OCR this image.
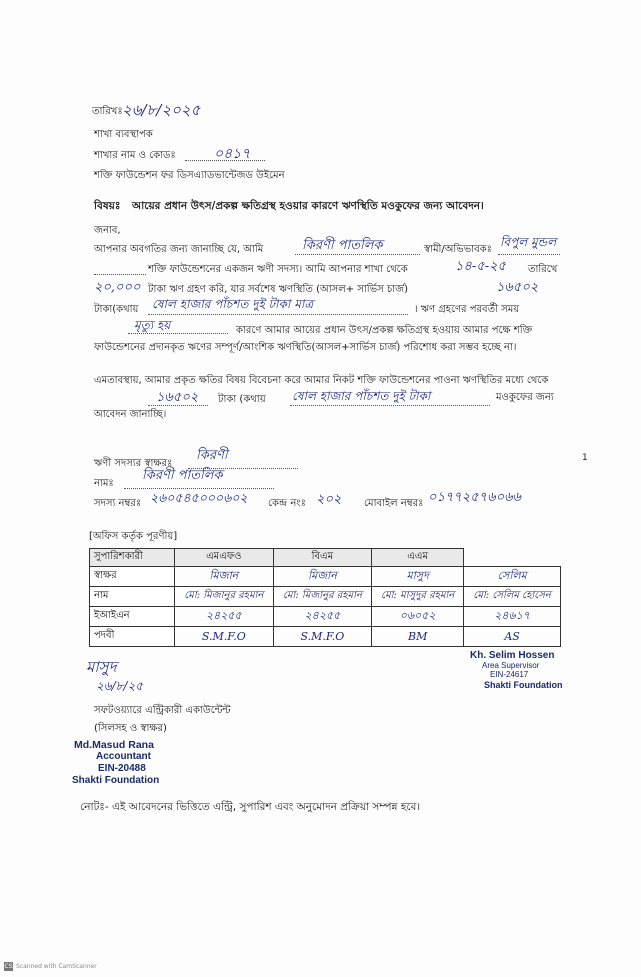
তারিখঃ ২৬/৮/২০২৫
শাখা ব্যবস্থাপক
শাখার নাম ও কোডঃ	০৪১৭
শক্তি ফাউন্ডেশন ফর ডিসএ্যাডভান্টেজড উইমেন
বিষয়ঃ আয়ের প্রধান উৎস/প্রকল্প ক্ষতিগ্রস্থ হওয়ার কারণে ঋণস্থিতি মওকুফের জন্য আবেদন।
জনাব,
আপনার অবগতির জন্য জানাচ্ছি যে, আমি	কিরণী পাতলিক	স্বামী/অভিভাবকঃ
বিপুল মুন্ডল
শক্তি ফাউন্ডেশনের একজন ঋণী সদস্য। আমি আপনার শাখা থেকে	১৪-৫-২৫ তারিখে
২০,০০০ টাকা ঋণ গ্রহণ করি, যার সর্বশেষ ঋণস্থিতি (আসল+ সার্ভিস চার্জ)	১৬৫০২
টাকা(কথায় ষোল হাজার পাঁচশত দুই টাকা মাত্র	। ঋণ গ্রহণের পরবর্তী সময়
মৃত্যু হয়	কারণে আমার আয়ের প্রধান উৎস/প্রকল্প ক্ষতিগ্রস্থ হওয়ায় আমার পক্ষে শক্তি ফাউন্ডেশনের প্রদানকৃত ঋণের সম্পূর্ণ/আংশিক ঋণস্থিতি(আসল+সার্ভিস চার্জ) পরিশোধ করা সম্ভব হচ্ছে না।
এমতাবস্থায়, আমার প্রকৃত ক্ষতির বিষয় বিবেচনা করে আমার নিকট শক্তি ফাউন্ডেশনের পাওনা ঋণস্থিতির মধ্যে থেকে
১৬৫০২ টাকা (কথায় ষোল হাজার পাঁচশত দুই টাকা	মওকুফের জন্য আবেদন জানাচ্ছি।
1
ঋণী সদস্যর স্বাক্ষরঃ
কিরণী
নামঃ
কিরণী পাতলিক
সদস্য নম্বরঃ ২৬০৫৪৫০০০৬০২ কেন্দ্র নংঃ ২০২ মোবাইল নম্বরঃ ০১৭৭২৫৭৬০৬৬
[অফিস কর্তৃক পূরণীয়]
সুপারিশকারী	এমএফও	বিএম	এএম	
স্বাক্ষর	মিজান	মিজান	মাসুদ	সেলিম

নাম	মো: মিজানুর রহমান	মো: মিজানুর রহমান	মো: মাসুদুর রহমান	মো: সেলিম হোসেন

ইআইএন	২৪২৫৫	২৪২৫৫	০৬০৫২	২৪৬১৭

পদবী	S.M.F.O	S.M.F.O	BM	AS
Kh. Selim Hossen
Area Supervisor
EIN-24617
Shakti Foundation
মাসুদ
২৬/৮/২৫
সফটওয়্যারে এন্ট্রিকারী একাউন্টেন্ট
(সিলসহ ও স্বাক্ষর)
Md.Masud Rana
Accountant
EIN-20488
Shakti Foundation
নোটঃ- এই আবেদনের ভিত্তিতে এন্ট্রি, সুপারিশ এবং অনুমোদন প্রক্রিয়া সম্পন্ন হবে।
CS Scanned with CamScanner
